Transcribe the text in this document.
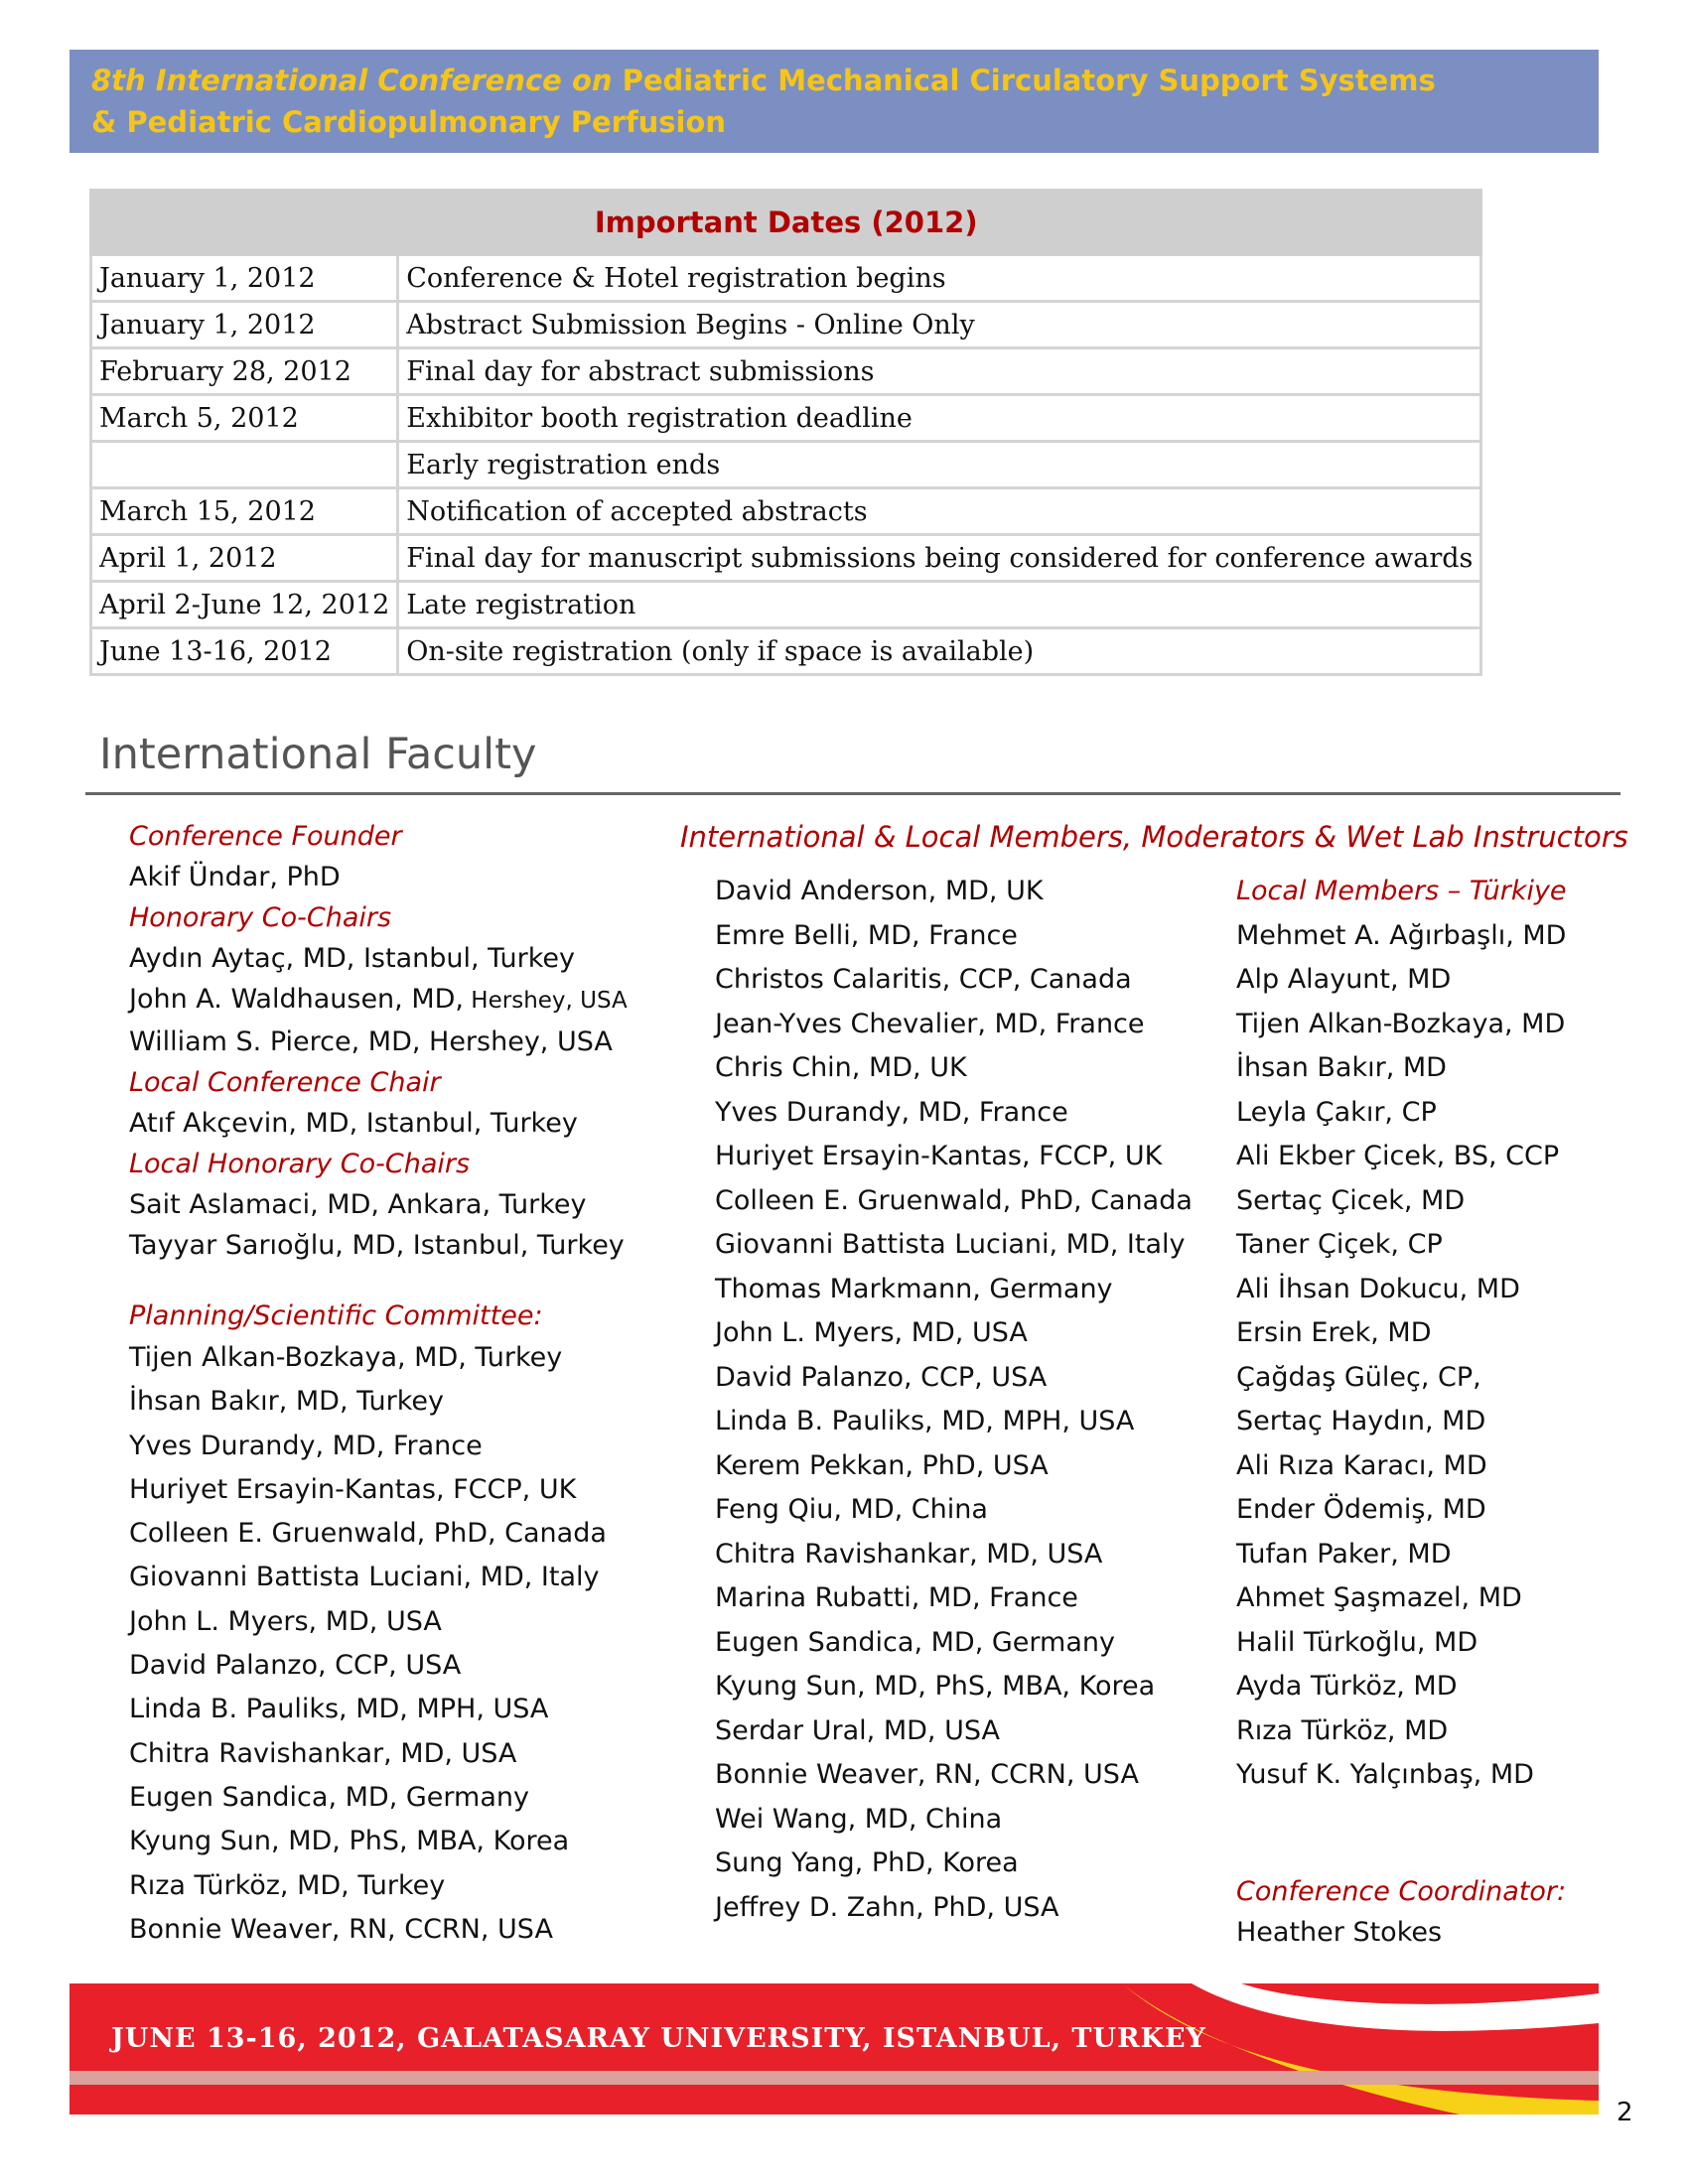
8th International Conference on Pediatric Mechanical Circulatory Support Systems
& Pediatric Cardiopulmonary Perfusion
Important Dates (2012)	
January 1, 2012	Conference & Hotel registration begins
January 1, 2012	Abstract Submission Begins - Online Only
February 28, 2012	Final day for abstract submissions
March 5, 2012	Exhibitor booth registration deadline
	Early registration ends
March 15, 2012	Notification of accepted abstracts
April 1, 2012	Final day for manuscript submissions being considered for conference awards
April 2-June 12, 2012	Late registration
June 13-16, 2012	On-site registration (only if space is available)
International Faculty
Conference Founder
Akif Ündar, PhD
Honorary Co-Chairs
Aydın Aytaç, MD, Istanbul, Turkey
John A. Waldhausen, MD, Hershey, USA
William S. Pierce, MD, Hershey, USA
Local Conference Chair
Atıf Akçevin, MD, Istanbul, Turkey
Local Honorary Co-Chairs
Sait Aslamaci, MD, Ankara, Turkey
Tayyar Sarıoğlu, MD, Istanbul, Turkey
Planning/Scientific Committee:
Tijen Alkan-Bozkaya, MD, Turkey
İhsan Bakır, MD, Turkey
Yves Durandy, MD, France
Huriyet Ersayin-Kantas, FCCP, UK
Colleen E. Gruenwald, PhD, Canada
Giovanni Battista Luciani, MD, Italy
John L. Myers, MD, USA
David Palanzo, CCP, USA
Linda B. Pauliks, MD, MPH, USA
Chitra Ravishankar, MD, USA
Eugen Sandica, MD, Germany
Kyung Sun, MD, PhS, MBA, Korea
Rıza Türköz, MD, Turkey
Bonnie Weaver, RN, CCRN, USA
International & Local Members, Moderators & Wet Lab Instructors
David Anderson, MD, UK
Emre Belli, MD, France
Christos Calaritis, CCP, Canada
Jean-Yves Chevalier, MD, France
Chris Chin, MD, UK
Yves Durandy, MD, France
Huriyet Ersayin-Kantas, FCCP, UK
Colleen E. Gruenwald, PhD, Canada
Giovanni Battista Luciani, MD, Italy
Thomas Markmann, Germany
John L. Myers, MD, USA
David Palanzo, CCP, USA
Linda B. Pauliks, MD, MPH, USA
Kerem Pekkan, PhD, USA
Feng Qiu, MD, China
Chitra Ravishankar, MD, USA
Marina Rubatti, MD, France
Eugen Sandica, MD, Germany
Kyung Sun, MD, PhS, MBA, Korea
Serdar Ural, MD, USA
Bonnie Weaver, RN, CCRN, USA
Wei Wang, MD, China
Sung Yang, PhD, Korea
Jeffrey D. Zahn, PhD, USA
Local Members – Türkiye
Mehmet A. Ağırbaşlı, MD
Alp Alayunt, MD
Tijen Alkan-Bozkaya, MD
İhsan Bakır, MD
Leyla Çakır, CP
Ali Ekber Çicek, BS, CCP
Sertaç Çicek, MD
Taner Çiçek, CP
Ali İhsan Dokucu, MD
Ersin Erek, MD
Çağdaş Güleç, CP,
Sertaç Haydın, MD
Ali Rıza Karacı, MD
Ender Ödemiş, MD
Tufan Paker, MD
Ahmet Şaşmazel, MD
Halil Türkoğlu, MD
Ayda Türköz, MD
Rıza Türköz, MD
Yusuf K. Yalçınbaş, MD
Conference Coordinator:
Heather Stokes
JUNE 13-16, 2012, GALATASARAY UNIVERSITY, ISTANBUL, TURKEY
2
